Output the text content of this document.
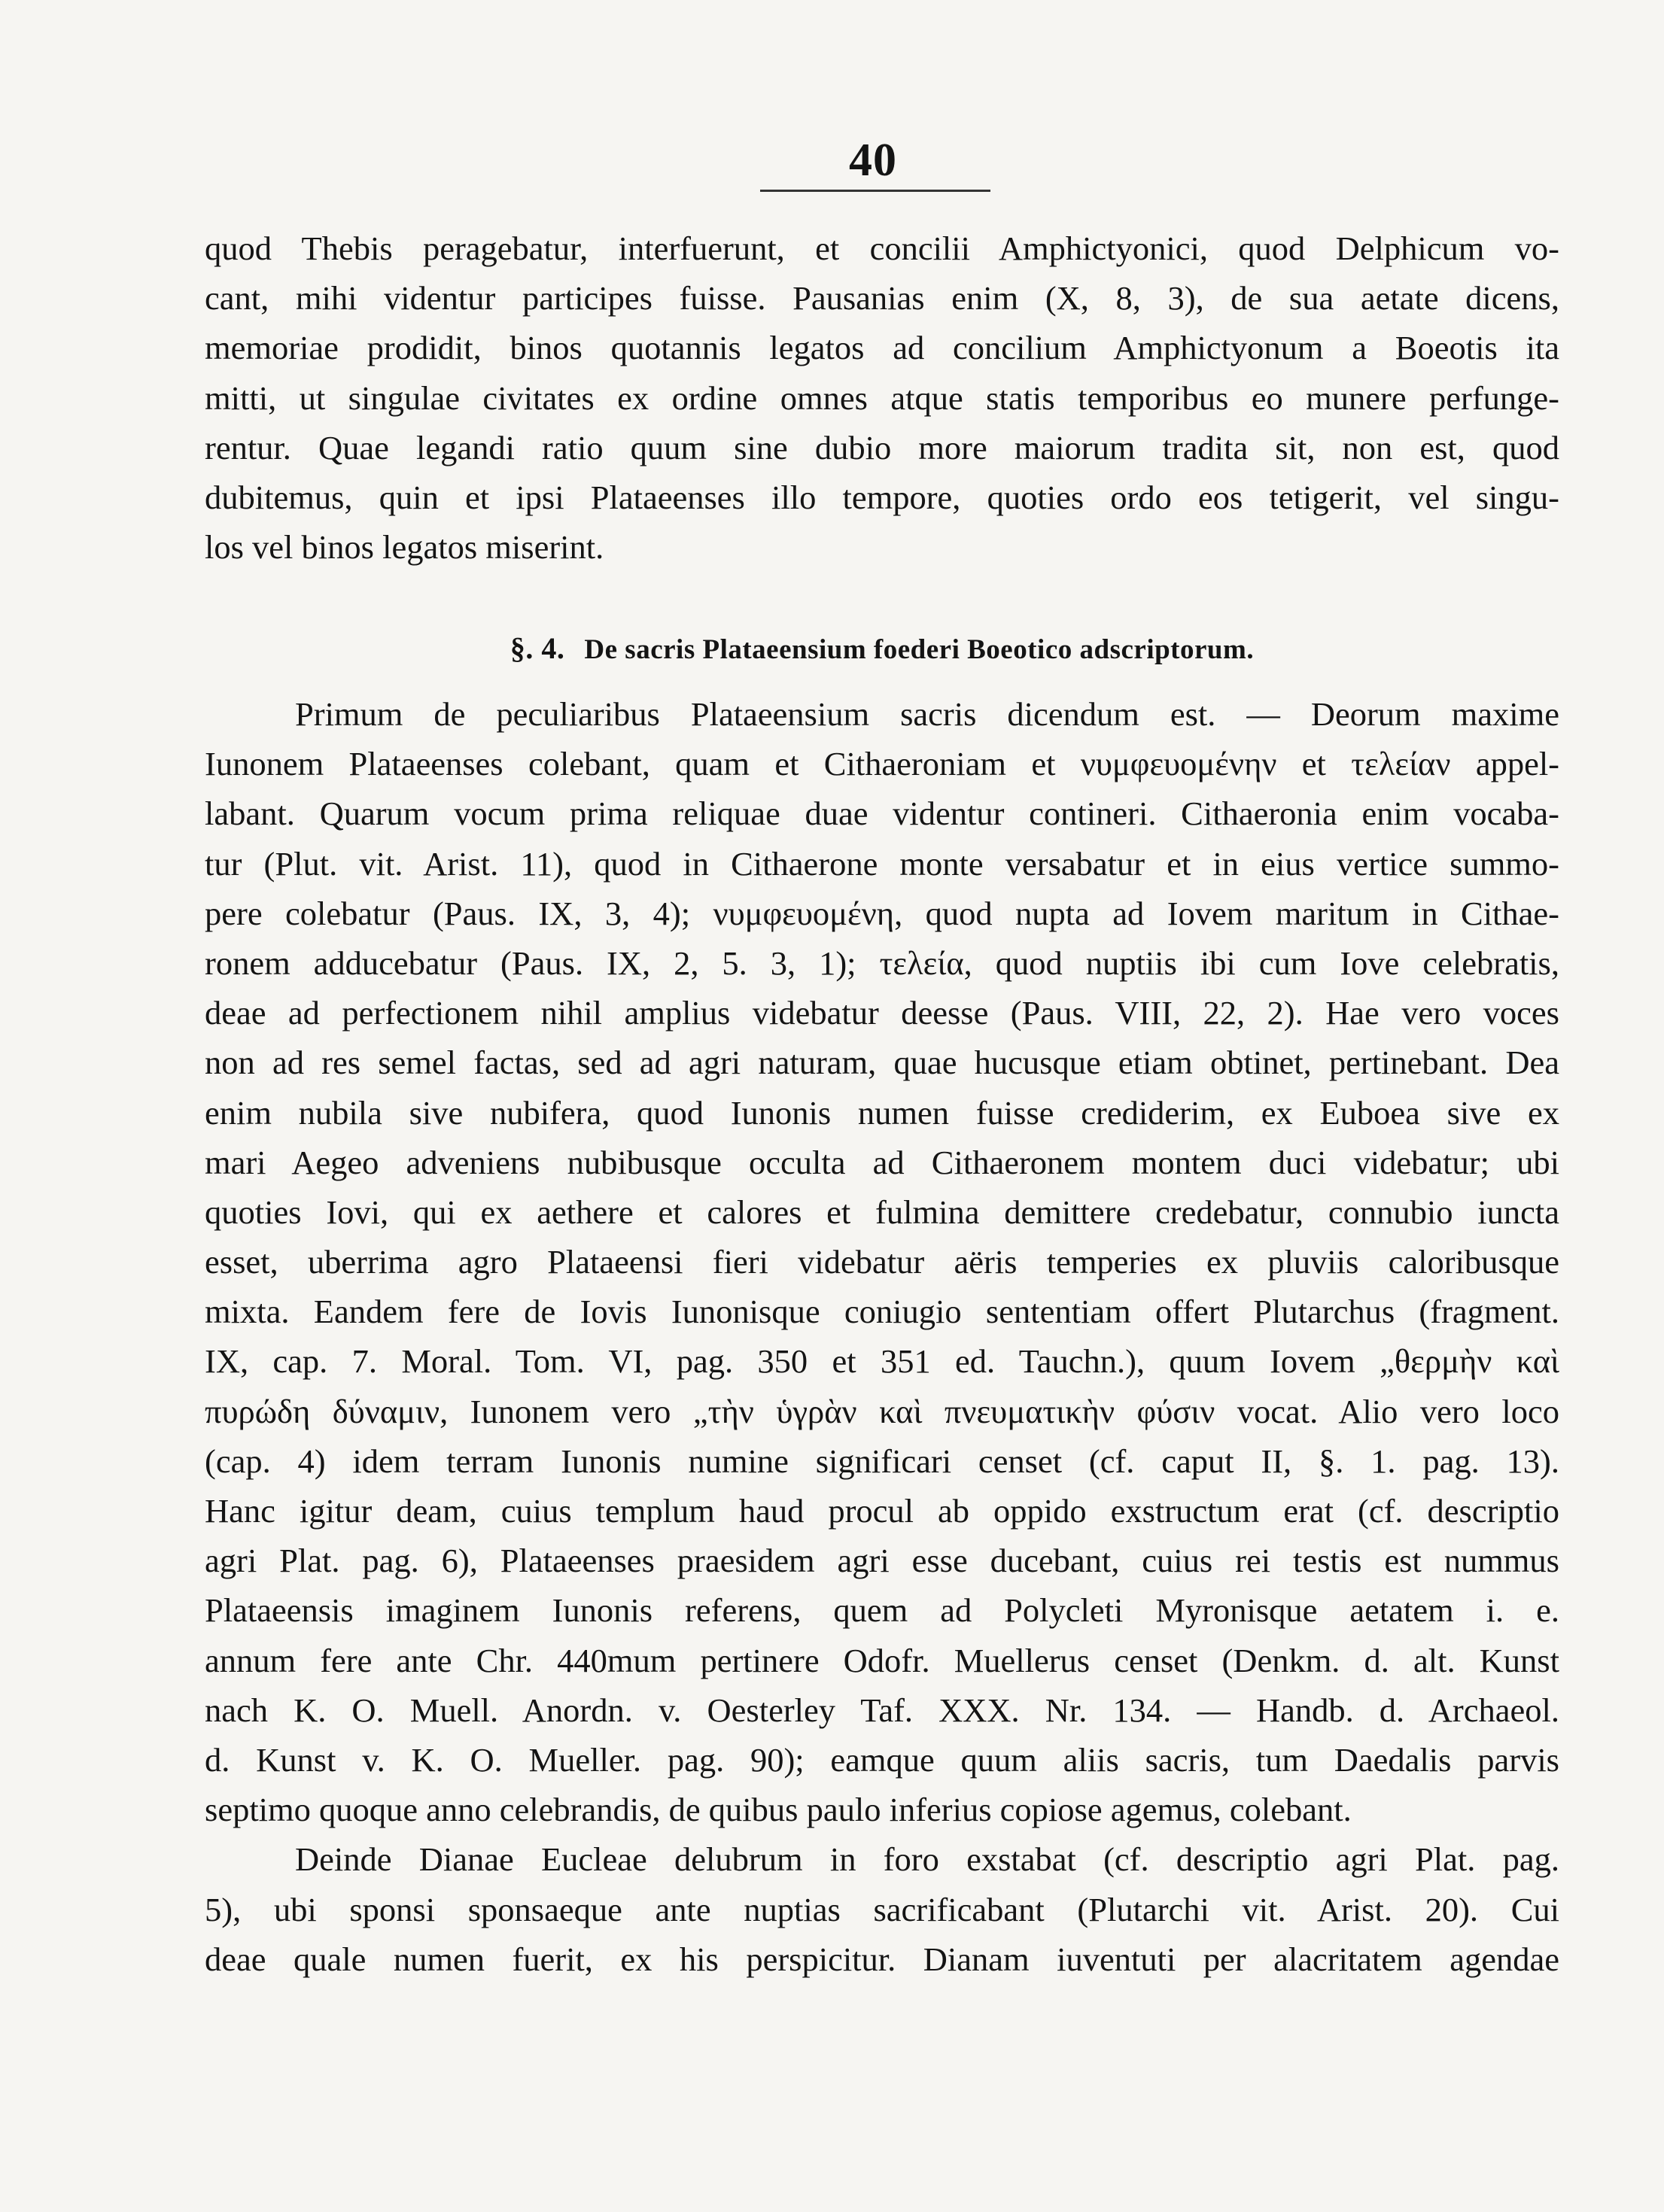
40
quod Thebis peragebatur, interfuerunt, et concilii Amphictyonici, quod Delphicum vo-
cant, mihi videntur participes fuisse. Pausanias enim (X, 8, 3), de sua aetate dicens,
memoriae prodidit, binos quotannis legatos ad concilium Amphictyonum a Boeotis ita
mitti, ut singulae civitates ex ordine omnes atque statis temporibus eo munere perfunge-
rentur. Quae legandi ratio quum sine dubio more maiorum tradita sit, non est, quod
dubitemus, quin et ipsi Plataeenses illo tempore, quoties ordo eos tetigerit, vel singu-
los vel binos legatos miserint.
§. 4. De sacris Plataeensium foederi Boeotico adscriptorum.
Primum de peculiaribus Plataeensium sacris dicendum est. — Deorum maxime
Iunonem Plataeenses colebant, quam et Cithaeroniam et νυμφευομένην et τελείαν appel-
labant. Quarum vocum prima reliquae duae videntur contineri. Cithaeronia enim vocaba-
tur (Plut. vit. Arist. 11), quod in Cithaerone monte versabatur et in eius vertice summo-
pere colebatur (Paus. IX, 3, 4); νυμφευομένη, quod nupta ad Iovem maritum in Cithae-
ronem adducebatur (Paus. IX, 2, 5. 3, 1); τελεία, quod nuptiis ibi cum Iove celebratis,
deae ad perfectionem nihil amplius videbatur deesse (Paus. VIII, 22, 2). Hae vero voces
non ad res semel factas, sed ad agri naturam, quae hucusque etiam obtinet, pertinebant. Dea
enim nubila sive nubifera, quod Iunonis numen fuisse crediderim, ex Euboea sive ex
mari Aegeo adveniens nubibusque occulta ad Cithaeronem montem duci videbatur; ubi
quoties Iovi, qui ex aethere et calores et fulmina demittere credebatur, connubio iuncta
esset, uberrima agro Plataeensi fieri videbatur aëris temperies ex pluviis caloribusque
mixta. Eandem fere de Iovis Iunonisque coniugio sententiam offert Plutarchus (fragment.
IX, cap. 7. Moral. Tom. VI, pag. 350 et 351 ed. Tauchn.), quum Iovem „θερμὴν καὶ
πυρώδη δύναμιν, Iunonem vero „τὴν ὑγρὰν καὶ πνευματικὴν φύσιν vocat. Alio vero loco
(cap. 4) idem terram Iunonis numine significari censet (cf. caput II, §. 1. pag. 13).
Hanc igitur deam, cuius templum haud procul ab oppido exstructum erat (cf. descriptio
agri Plat. pag. 6), Plataeenses praesidem agri esse ducebant, cuius rei testis est nummus
Plataeensis imaginem Iunonis referens, quem ad Polycleti Myronisque aetatem i. e.
annum fere ante Chr. 440mum pertinere Odofr. Muellerus censet (Denkm. d. alt. Kunst
nach K. O. Muell. Anordn. v. Oesterley Taf. XXX. Nr. 134. — Handb. d. Archaeol.
d. Kunst v. K. O. Mueller. pag. 90); eamque quum aliis sacris, tum Daedalis parvis
septimo quoque anno celebrandis, de quibus paulo inferius copiose agemus, colebant.
Deinde Dianae Eucleae delubrum in foro exstabat (cf. descriptio agri Plat. pag.
5), ubi sponsi sponsaeque ante nuptias sacrificabant (Plutarchi vit. Arist. 20). Cui
deae quale numen fuerit, ex his perspicitur. Dianam iuventuti per alacritatem agendae
